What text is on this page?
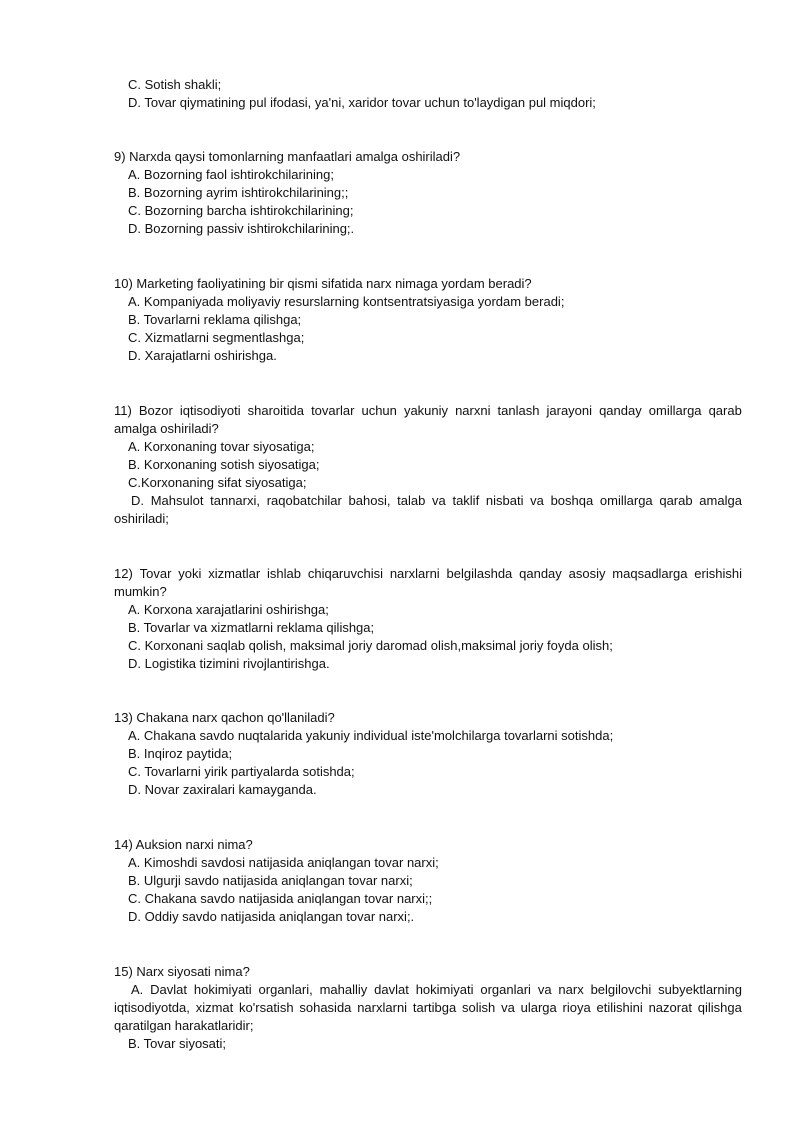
C. Sotish shakli;
D. Tovar qiymatining pul ifodasi, ya'ni, xaridor tovar uchun to'laydigan pul miqdori;
9) Narxda qaysi tomonlarning manfaatlari amalga oshiriladi?
A. Bozorning faol ishtirokchilarining;
B. Bozorning ayrim ishtirokchilarining;;
C. Bozorning barcha ishtirokchilarining;
D. Bozorning passiv ishtirokchilarining;.
10) Marketing faoliyatining bir qismi sifatida narx nimaga yordam beradi?
A. Kompaniyada moliyaviy resurslarning kontsentratsiyasiga yordam beradi;
B. Tovarlarni reklama qilishga;
C. Xizmatlarni segmentlashga;
D. Xarajatlarni oshirishga.
11) Bozor iqtisodiyoti sharoitida tovarlar uchun yakuniy narxni tanlash jarayoni qanday omillarga qarab
amalga oshiriladi?
A. Korxonaning tovar siyosatiga;
B. Korxonaning sotish siyosatiga;
C.Korxonaning sifat siyosatiga;
D. Mahsulot tannarxi, raqobatchilar bahosi, talab va taklif nisbati va boshqa omillarga qarab amalga
oshiriladi;
12) Tovar yoki xizmatlar ishlab chiqaruvchisi narxlarni belgilashda qanday asosiy maqsadlarga erishishi
mumkin?
A. Korxona xarajatlarini oshirishga;
B. Tovarlar va xizmatlarni reklama qilishga;
C. Korxonani saqlab qolish, maksimal joriy daromad olish,maksimal joriy foyda olish;
D. Logistika tizimini rivojlantirishga.
13) Chakana narx qachon qo'llaniladi?
A. Chakana savdo nuqtalarida yakuniy individual iste'molchilarga tovarlarni sotishda;
B. Inqiroz paytida;
C. Tovarlarni yirik partiyalarda sotishda;
D. Novar zaxiralari kamayganda.
14) Auksion narxi nima?
A. Kimoshdi savdosi natijasida aniqlangan tovar narxi;
B. Ulgurji savdo natijasida aniqlangan tovar narxi;
C. Chakana savdo natijasida aniqlangan tovar narxi;;
D. Oddiy savdo natijasida aniqlangan tovar narxi;.
15) Narx siyosati nima?
A. Davlat hokimiyati organlari, mahalliy davlat hokimiyati organlari va narx belgilovchi subyektlarning
iqtisodiyotda, xizmat ko'rsatish sohasida narxlarni tartibga solish va ularga rioya etilishini nazorat qilishga
qaratilgan harakatlaridir;
B. Tovar siyosati;
